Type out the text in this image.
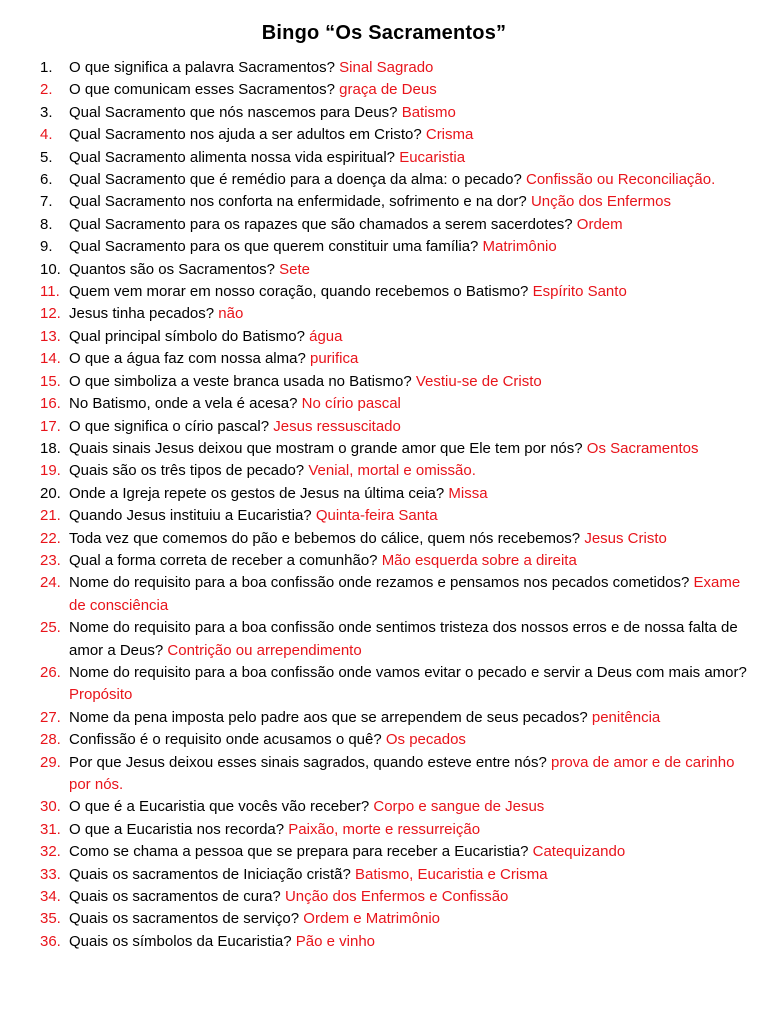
Bingo “Os Sacramentos”
1.	O que significa a palavra Sacramentos? Sinal Sagrado
2.	O que comunicam esses Sacramentos? graça de Deus
3.	Qual Sacramento que nós nascemos para Deus? Batismo
4.	Qual Sacramento nos ajuda a ser adultos em Cristo? Crisma
5.	Qual Sacramento alimenta nossa vida espiritual? Eucaristia
6.	Qual Sacramento que é remédio para a doença da alma: o pecado? Confissão ou Reconciliação.
7.	Qual Sacramento nos conforta na enfermidade, sofrimento e na dor? Unção dos Enfermos
8.	Qual Sacramento para os rapazes que são chamados a serem sacerdotes? Ordem
9.	Qual Sacramento para os que querem constituir uma família? Matrimônio
10. Quantos são os Sacramentos? Sete
11. Quem vem morar em nosso coração, quando recebemos o Batismo? Espírito Santo
12. Jesus tinha pecados? não
13. Qual principal símbolo do Batismo? água
14. O que a água faz com nossa alma? purifica
15. O que simboliza a veste branca usada no Batismo? Vestiu-se de Cristo
16. No Batismo, onde a vela é acesa? No círio pascal
17. O que significa o círio pascal? Jesus ressuscitado
18. Quais sinais Jesus deixou que mostram o grande amor que Ele tem por nós? Os Sacramentos
19. Quais são os três tipos de pecado? Venial, mortal e omissão.
20. Onde a Igreja repete os gestos de Jesus na última ceia? Missa
21. Quando Jesus instituiu a Eucaristia? Quinta-feira Santa
22. Toda vez que comemos do pão e bebemos do cálice, quem nós recebemos? Jesus Cristo
23. Qual a forma correta de receber a comunhão? Mão esquerda sobre a direita
24. Nome do requisito para a boa confissão onde rezamos e pensamos nos pecados cometidos? Exame de consciência
25. Nome do requisito para a boa confissão onde sentimos tristeza dos nossos erros e de nossa falta de amor a Deus? Contrição ou arrependimento
26. Nome do requisito para a boa confissão onde vamos evitar o pecado e servir a Deus com mais amor? Propósito
27. Nome da pena imposta pelo padre aos que se arrependem de seus pecados? penitência
28. Confissão é o requisito onde acusamos o quê? Os pecados
29. Por que Jesus deixou esses sinais sagrados, quando esteve entre nós? prova de amor e de carinho por nós.
30. O que é a Eucaristia que vocês vão receber? Corpo e sangue de Jesus
31. O que a Eucaristia nos recorda? Paixão, morte e ressurreição
32. Como se chama a pessoa que se prepara para receber a Eucaristia? Catequizando
33. Quais os sacramentos de Iniciação cristã? Batismo, Eucaristia e Crisma
34. Quais os sacramentos de cura? Unção dos Enfermos e Confissão
35. Quais os sacramentos de serviço? Ordem e Matrimônio
36. Quais os símbolos da Eucaristia? Pão e vinho
